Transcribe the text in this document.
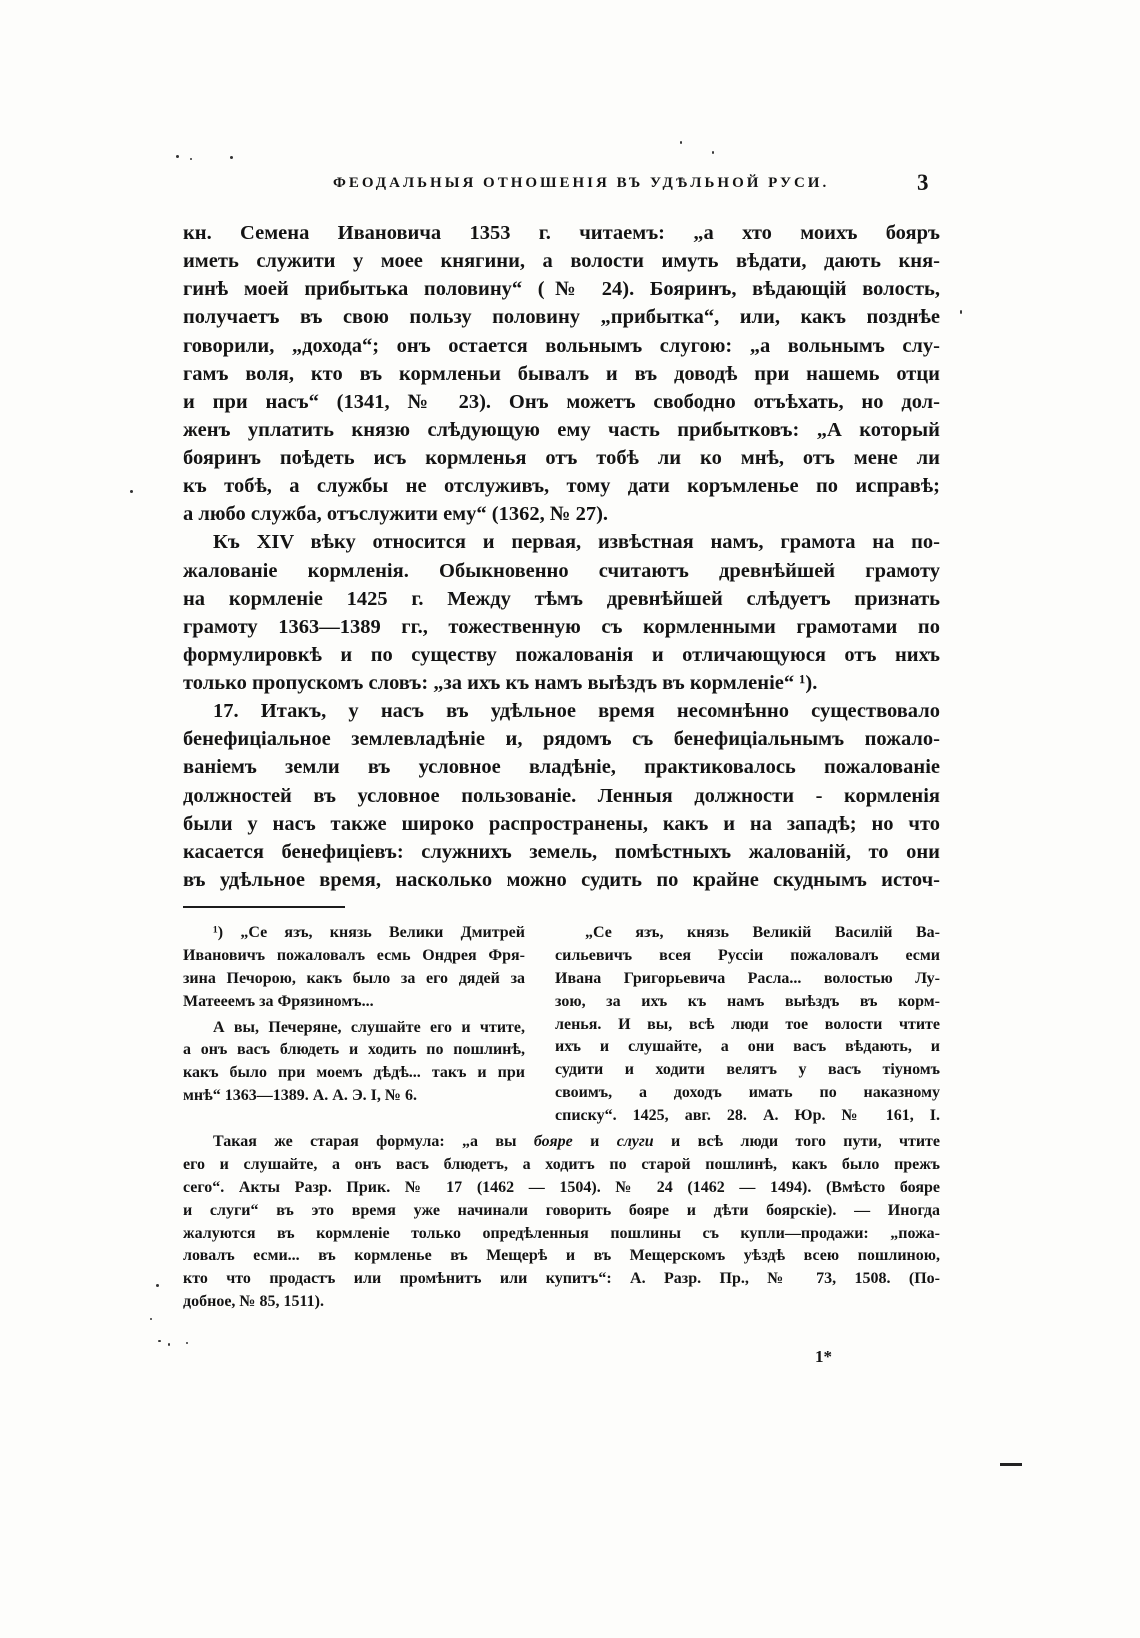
ФЕОДАЛЬНЫЯ ОТНОШЕНІЯ ВЪ УДѢЛЬНОЙ РУСИ.	3
кн. Семена Ивановича 1353 г. читаемъ: „а хто моихъ бояръ
иметь служити у моее княгини, а волости имуть вѣдати, дають кня-
гинѣ моей прибытька половину“ (№ 24). Бояринъ, вѣдающій волость,
получаетъ въ свою пользу половину „прибытка“, или, какъ позднѣе
говорили, „дохода“; онъ остается вольнымъ слугою: „а вольнымъ слу-
гамъ воля, кто въ кормленьи бывалъ и въ доводѣ при нашемь отци
и при насъ“ (1341, № 23). Онъ можетъ свободно отъѣхать, но дол-
женъ уплатить князю слѣдующую ему часть прибытковъ: „А который
бояринъ поѣдеть исъ кормленья отъ тобѣ ли ко мнѣ, отъ мене ли
къ тобѣ, а службы не отслуживъ, тому дати коръмленье по исправѣ;
а любо служба, отъслужити ему“ (1362, № 27).
Къ XIV вѣку относится и первая, извѣстная намъ, грамота на по-
жалованіе кормленія. Обыкновенно считаютъ древнѣйшей грамоту
на кормленіе 1425 г. Между тѣмъ древнѣйшей слѣдуетъ признать
грамоту 1363—1389 гг., тожественную съ кормленными грамотами по
формулировкѣ и по существу пожалованія и отличающуюся отъ нихъ
только пропускомъ словъ: „за ихъ къ намъ выѣздъ въ кормленіе“ ¹).
17. Итакъ, у насъ въ удѣльное время несомнѣнно существовало
бенефиціальное землевладѣніе и, рядомъ съ бенефиціальнымъ пожало-
ваніемъ земли въ условное владѣніе, практиковалось пожалованіе
должностей въ условное пользованіе. Ленныя должности - кормленія
были у насъ также широко распространены, какъ и на западѣ; но что
касается бенефиціевъ: служнихъ земель, помѣстныхъ жалованій, то они
въ удѣльное время, насколько можно судить по крайне скуднымъ источ-
¹) „Се язъ, князь Велики Дмитрей
Ивановичъ пожаловалъ есмь Ондрея Фря-
зина Печорою, какъ было за его дядей за
Матееемъ за Фрязиномъ...
А вы, Печеряне, слушайте его и чтите,
а онъ васъ блюдеть и ходить по пошлинѣ,
какъ было при моемъ дѣдѣ... такъ и при
мнѣ“ 1363—1389. А. А. Э. I, № 6.
„Се язъ, князь Великій Василій Ва-
сильевичъ всея Руссіи пожаловалъ есми
Ивана Григорьевича Расла... волостью Лу-
зою, за ихъ къ намъ выѣздъ въ корм-
ленья. И вы, всѣ люди тое волости чтите
ихъ и слушайте, а они васъ вѣдають, и
судити и ходити велятъ у васъ тіуномъ
своимъ, а доходъ имать по наказному
списку“. 1425, авг. 28. А. Юр. № 161, I.
Такая же старая формула: „а вы бояре и слуги и всѣ люди того пути, чтите
его и слушайте, а онъ васъ блюдетъ, а ходитъ по старой пошлинѣ, какъ было прежъ
сего“. Акты Разр. Прик. № 17 (1462 — 1504). № 24 (1462 — 1494). (Вмѣсто бояре
и слуги“ въ это время уже начинали говорить бояре и дѣти боярскіе). — Иногда
жалуются въ кормленіе только опредѣленныя пошлины съ купли—продажи: „пожа-
ловалъ есми... въ кормленье въ Мещерѣ и въ Мещерскомъ уѣздѣ всею пошлиною,
кто что продастъ или промѣнитъ или купитъ“: А. Разр. Пр., № 73, 1508. (По-
добное, № 85, 1511).
1*
